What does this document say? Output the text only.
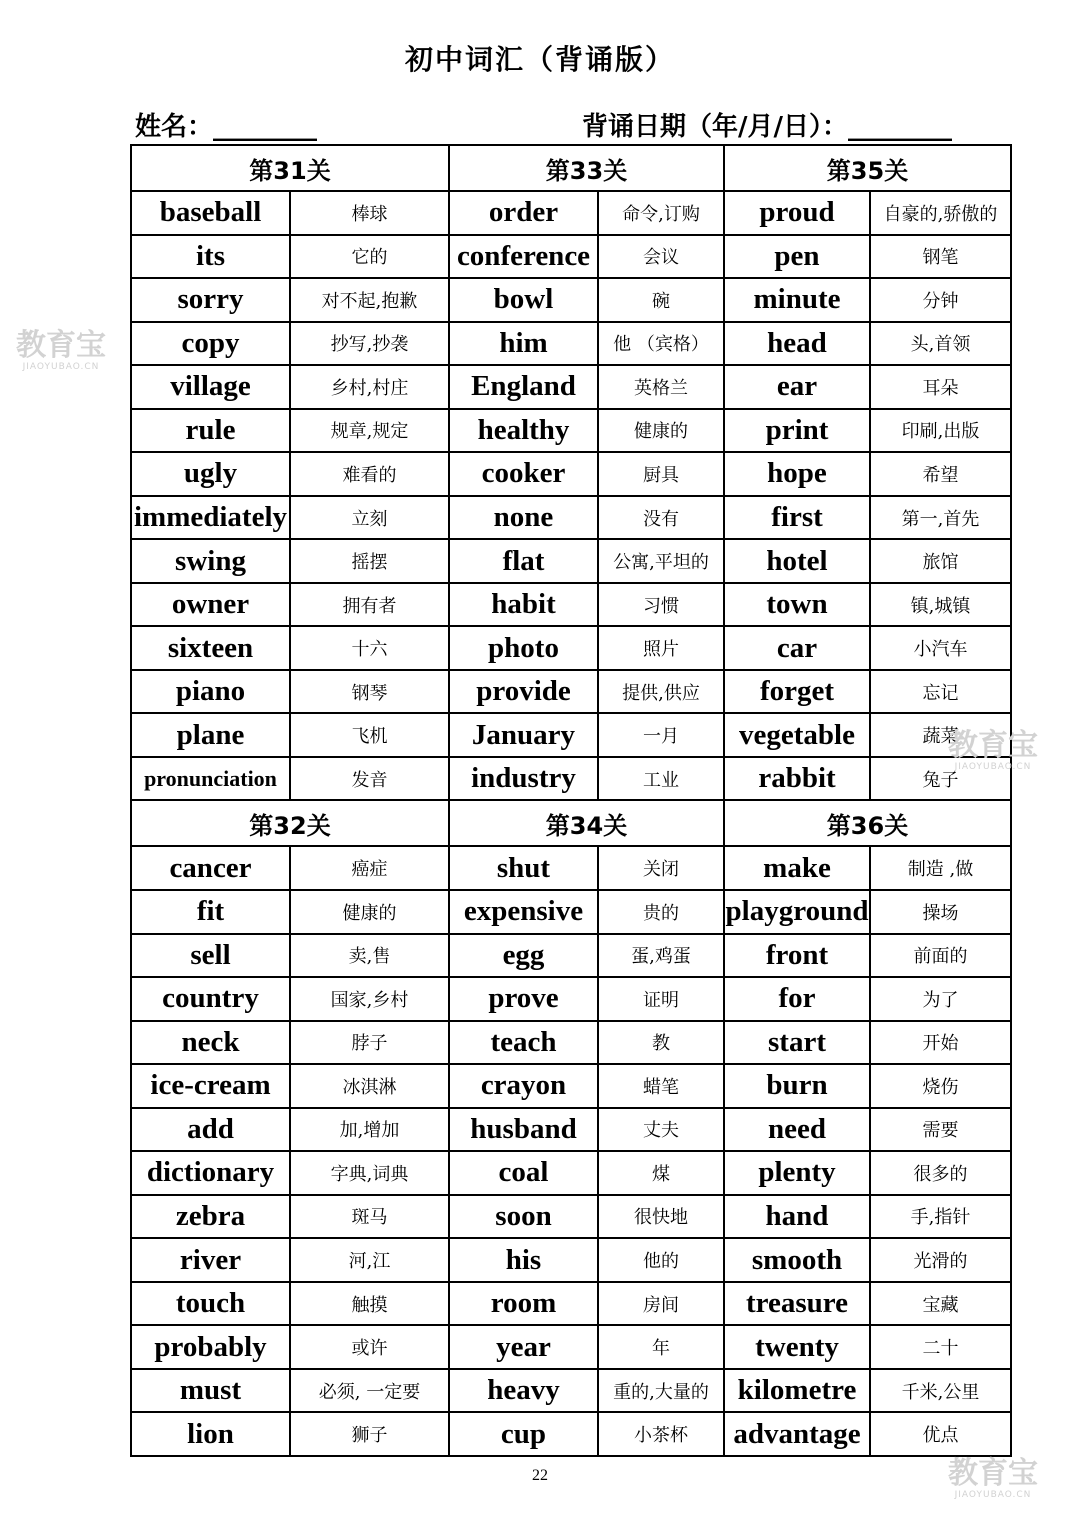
初中词汇（背诵版）
姓名：________	背诵日期（年/月/日）：________
第31关		第33关		第35关	
baseball	棒球	order	命令,订购	proud	自豪的,骄傲的
its	它的	conference	会议	pen	钢笔
sorry	对不起,抱歉	bowl	碗	minute	分钟
copy	抄写,抄袭	him	他 （宾格）	head	头,首领
village	乡村,村庄	England	英格兰	ear	耳朵
rule	规章,规定	healthy	健康的	print	印刷,出版
ugly	难看的	cooker	厨具	hope	希望
immediately	立刻	none	没有	first	第一,首先
swing	摇摆	flat	公寓,平坦的	hotel	旅馆
owner	拥有者	habit	习惯	town	镇,城镇
sixteen	十六	photo	照片	car	小汽车
piano	钢琴	provide	提供,供应	forget	忘记
plane	飞机	January	一月	vegetable	蔬菜
pronunciation	发音	industry	工业	rabbit	兔子
第32关		第34关		第36关	
cancer	癌症	shut	关闭	make	制造 ,做
fit	健康的	expensive	贵的	playground	操场
sell	卖,售	egg	蛋,鸡蛋	front	前面的
country	国家,乡村	prove	证明	for	为了
neck	脖子	teach	教	start	开始
ice-cream	冰淇淋	crayon	蜡笔	burn	烧伤
add	加,增加	husband	丈夫	need	需要
dictionary	字典,词典	coal	煤	plenty	很多的
zebra	斑马	soon	很快地	hand	手,指针
river	河,江	his	他的	smooth	光滑的
touch	触摸	room	房间	treasure	宝藏
probably	或许	year	年	twenty	二十
must	必须, 一定要	heavy	重的,大量的	kilometre	千米,公里
lion	狮子	cup	小茶杯	advantage	优点
22
教育宝
JIAOYUBAO.CN
教育宝
JIAOYUBAO.CN
教育宝
JIAOYUBAO.CN
